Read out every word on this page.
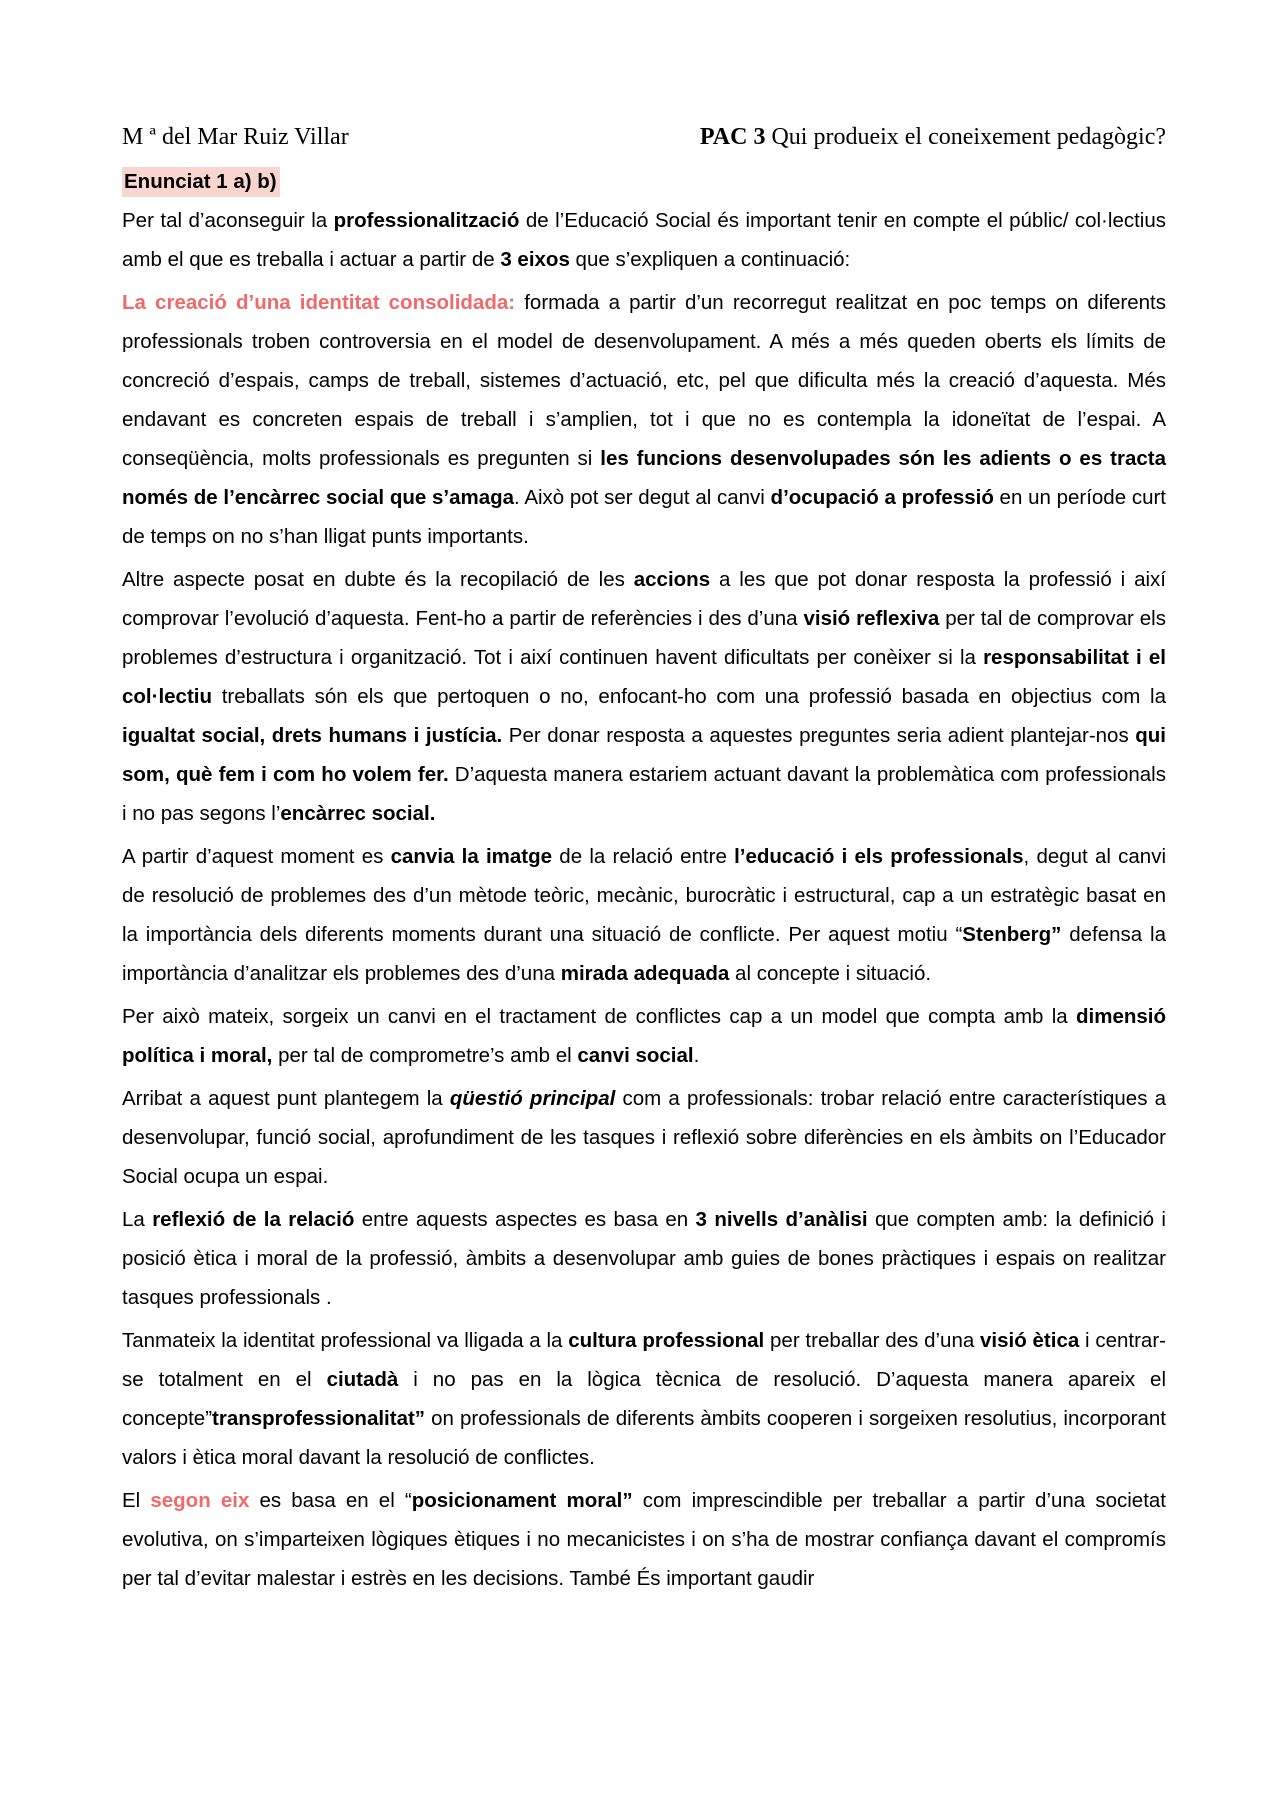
M ª del Mar Ruiz Villar	PAC 3 Qui produeix el coneixement pedagògic?
Enunciat 1 a) b)

Per tal d’aconseguir la professionalització de l’Educació Social és important tenir en compte el públic/ col·lectius amb el que es treballa i actuar a partir de 3 eixos que s’expliquen a continuació:

La creació d’una identitat consolidada: formada a partir d’un recorregut realitzat en poc temps on diferents professionals troben controversia en el model de desenvolupament. A més a més queden oberts els límits de concreció d’espais, camps de treball, sistemes d’actuació, etc, pel que dificulta més la creació d’aquesta. Més endavant es concreten espais de treball i s’amplien, tot i que no es contempla la idoneïtat de l’espai. A conseqüència, molts professionals es pregunten si les funcions desenvolupades són les adients o es tracta només de l’encàrrec social que s’amaga. Això pot ser degut al canvi d’ocupació a professió en un període curt de temps on no s’han lligat punts importants.

Altre aspecte posat en dubte és la recopilació de les accions a les que pot donar resposta la professió i així comprovar l’evolució d’aquesta. Fent-ho a partir de referències i des d’una visió reflexiva per tal de comprovar els problemes d’estructura i organització. Tot i així continuen havent dificultats per conèixer si la responsabilitat i el col·lectiu treballats són els que pertoquen o no, enfocant-ho com una professió basada en objectius com la igualtat social, drets humans i justícia. Per donar resposta a aquestes preguntes seria adient plantejar-nos qui som, què fem i com ho volem fer. D’aquesta manera estariem actuant davant la problemàtica com professionals i no pas segons l’encàrrec social.

A partir d’aquest moment es canvia la imatge de la relació entre l’educació i els professionals, degut al canvi de resolució de problemes des d’un mètode teòric, mecànic, burocràtic i estructural, cap a un estratègic basat en la importància dels diferents moments durant una situació de conflicte. Per aquest motiu “Stenberg” defensa la importància d’analitzar els problemes des d’una mirada adequada al concepte i situació.

Per això mateix, sorgeix un canvi en el tractament de conflictes cap a un model que compta amb la dimensió política i moral, per tal de comprometre’s amb el canvi social.

Arribat a aquest punt plantegem la qüestió principal com a professionals: trobar relació entre característiques a desenvolupar, funció social, aprofundiment de les tasques i reflexió sobre diferències en els àmbits on l’Educador Social ocupa un espai.

La reflexió de la relació entre aquests aspectes es basa en 3 nivells d’anàlisi que compten amb: la definició i posició ètica i moral de la professió, àmbits a desenvolupar amb guies de bones pràctiques i espais on realitzar tasques professionals .

Tanmateix la identitat professional va lligada a la cultura professional per treballar des d’una visió ètica i centrar-se totalment en el ciutadà i no pas en la lògica tècnica de resolució. D’aquesta manera apareix el concepte”transprofessionalitat” on professionals de diferents àmbits cooperen i sorgeixen resolutius, incorporant valors i ètica moral davant la resolució de conflictes.

El segon eix es basa en el “posicionament moral” com imprescindible per treballar a partir d’una societat evolutiva, on s’imparteixen lògiques ètiques i no mecanicistes i on s’ha de mostrar confiança davant el compromís per tal d’evitar malestar i estrès en les decisions. També És important gaudir
